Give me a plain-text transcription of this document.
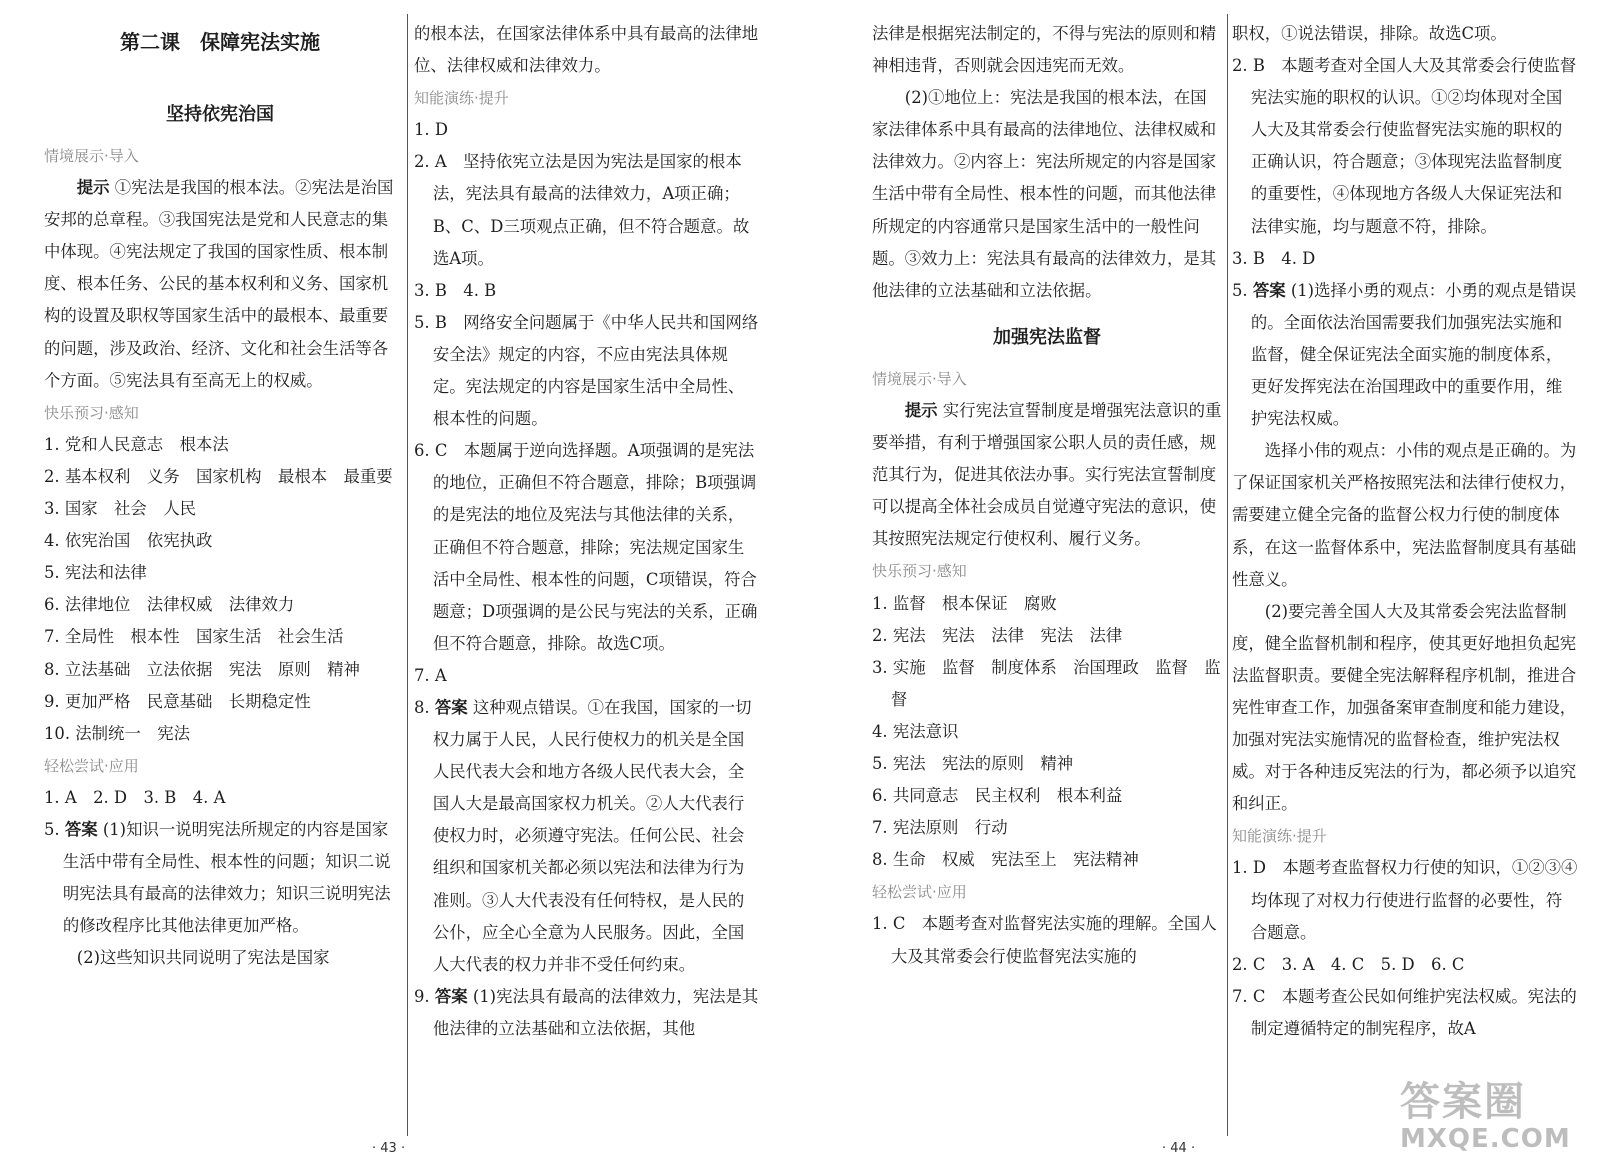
第二课　保障宪法实施

坚持依宪治国

情境展示·导入

提示 ①宪法是我国的根本法。②宪法是治国安邦的总章程。③我国宪法是党和人民意志的集中体现。④宪法规定了我国的国家性质、根本制度、根本任务、公民的基本权利和义务、国家机构的设置及职权等国家生活中的最根本、最重要的问题，涉及政治、经济、文化和社会生活等各个方面。⑤宪法具有至高无上的权威。

快乐预习·感知

1. 党和人民意志　根本法

2. 基本权利　义务　国家机构　最根本　最重要

3. 国家　社会　人民

4. 依宪治国　依宪执政

5. 宪法和法律

6. 法律地位　法律权威　法律效力

7. 全局性　根本性　国家生活　社会生活

8. 立法基础　立法依据　宪法　原则　精神

9. 更加严格　民意基础　长期稳定性

10. 法制统一　宪法

轻松尝试·应用

1. A　2. D　3. B　4. A

5. 答案 (1)知识一说明宪法所规定的内容是国家生活中带有全局性、根本性的问题；知识二说明宪法具有最高的法律效力；知识三说明宪法的修改程序比其他法律更加严格。

(2)这些知识共同说明了宪法是国家

的根本法，在国家法律体系中具有最高的法律地位、法律权威和法律效力。

知能演练·提升

1. D

2. A　坚持依宪立法是因为宪法是国家的根本法，宪法具有最高的法律效力，A项正确；B、C、D三项观点正确，但不符合题意。故选A项。

3. B　4. B

5. B　网络安全问题属于《中华人民共和国网络安全法》规定的内容，不应由宪法具体规定。宪法规定的内容是国家生活中全局性、根本性的问题。

6. C　本题属于逆向选择题。A项强调的是宪法的地位，正确但不符合题意，排除；B项强调的是宪法的地位及宪法与其他法律的关系，正确但不符合题意，排除；宪法规定国家生活中全局性、根本性的问题，C项错误，符合题意；D项强调的是公民与宪法的关系，正确但不符合题意，排除。故选C项。

7. A

8. 答案 这种观点错误。①在我国，国家的一切权力属于人民，人民行使权力的机关是全国人民代表大会和地方各级人民代表大会，全国人大是最高国家权力机关。②人大代表行使权力时，必须遵守宪法。任何公民、社会组织和国家机关都必须以宪法和法律为行为准则。③人大代表没有任何特权，是人民的公仆，应全心全意为人民服务。因此，全国人大代表的权力并非不受任何约束。

9. 答案 (1)宪法具有最高的法律效力，宪法是其他法律的立法基础和立法依据，其他

法律是根据宪法制定的，不得与宪法的原则和精神相违背，否则就会因违宪而无效。

(2)①地位上：宪法是我国的根本法，在国家法律体系中具有最高的法律地位、法律权威和法律效力。②内容上：宪法所规定的内容是国家生活中带有全局性、根本性的问题，而其他法律所规定的内容通常只是国家生活中的一般性问题。③效力上：宪法具有最高的法律效力，是其他法律的立法基础和立法依据。

加强宪法监督

情境展示·导入

提示 实行宪法宣誓制度是增强宪法意识的重要举措，有利于增强国家公职人员的责任感，规范其行为，促进其依法办事。实行宪法宣誓制度可以提高全体社会成员自觉遵守宪法的意识，使其按照宪法规定行使权利、履行义务。

快乐预习·感知

1. 监督　根本保证　腐败

2. 宪法　宪法　法律　宪法　法律

3. 实施　监督　制度体系　治国理政　监督　监督

4. 宪法意识

5. 宪法　宪法的原则　精神

6. 共同意志　民主权利　根本利益

7. 宪法原则　行动

8. 生命　权威　宪法至上　宪法精神

轻松尝试·应用

1. C　本题考查对监督宪法实施的理解。全国人大及其常委会行使监督宪法实施的

职权，①说法错误，排除。故选C项。

2. B　本题考查对全国人大及其常委会行使监督宪法实施的职权的认识。①②均体现对全国人大及其常委会行使监督宪法实施的职权的正确认识，符合题意；③体现宪法监督制度的重要性，④体现地方各级人大保证宪法和法律实施，均与题意不符，排除。

3. B　4. D

5. 答案 (1)选择小勇的观点：小勇的观点是错误的。全面依法治国需要我们加强宪法实施和监督，健全保证宪法全面实施的制度体系，更好发挥宪法在治国理政中的重要作用，维护宪法权威。

选择小伟的观点：小伟的观点是正确的。为了保证国家机关严格按照宪法和法律行使权力，需要建立健全完备的监督公权力行使的制度体系，在这一监督体系中，宪法监督制度具有基础性意义。

(2)要完善全国人大及其常委会宪法监督制度，健全监督机制和程序，使其更好地担负起宪法监督职责。要健全宪法解释程序机制，推进合宪性审查工作，加强备案审查制度和能力建设，加强对宪法实施情况的监督检查，维护宪法权威。对于各种违反宪法的行为，都必须予以追究和纠正。

知能演练·提升

1. D　本题考查监督权力行使的知识，①②③④均体现了对权力行使进行监督的必要性，符合题意。

2. C　3. A　4. C　5. D　6. C

7. C　本题考查公民如何维护宪法权威。宪法的制定遵循特定的制宪程序，故A

· 43 ·	· 44 ·
答案圈
MXQE.COM
